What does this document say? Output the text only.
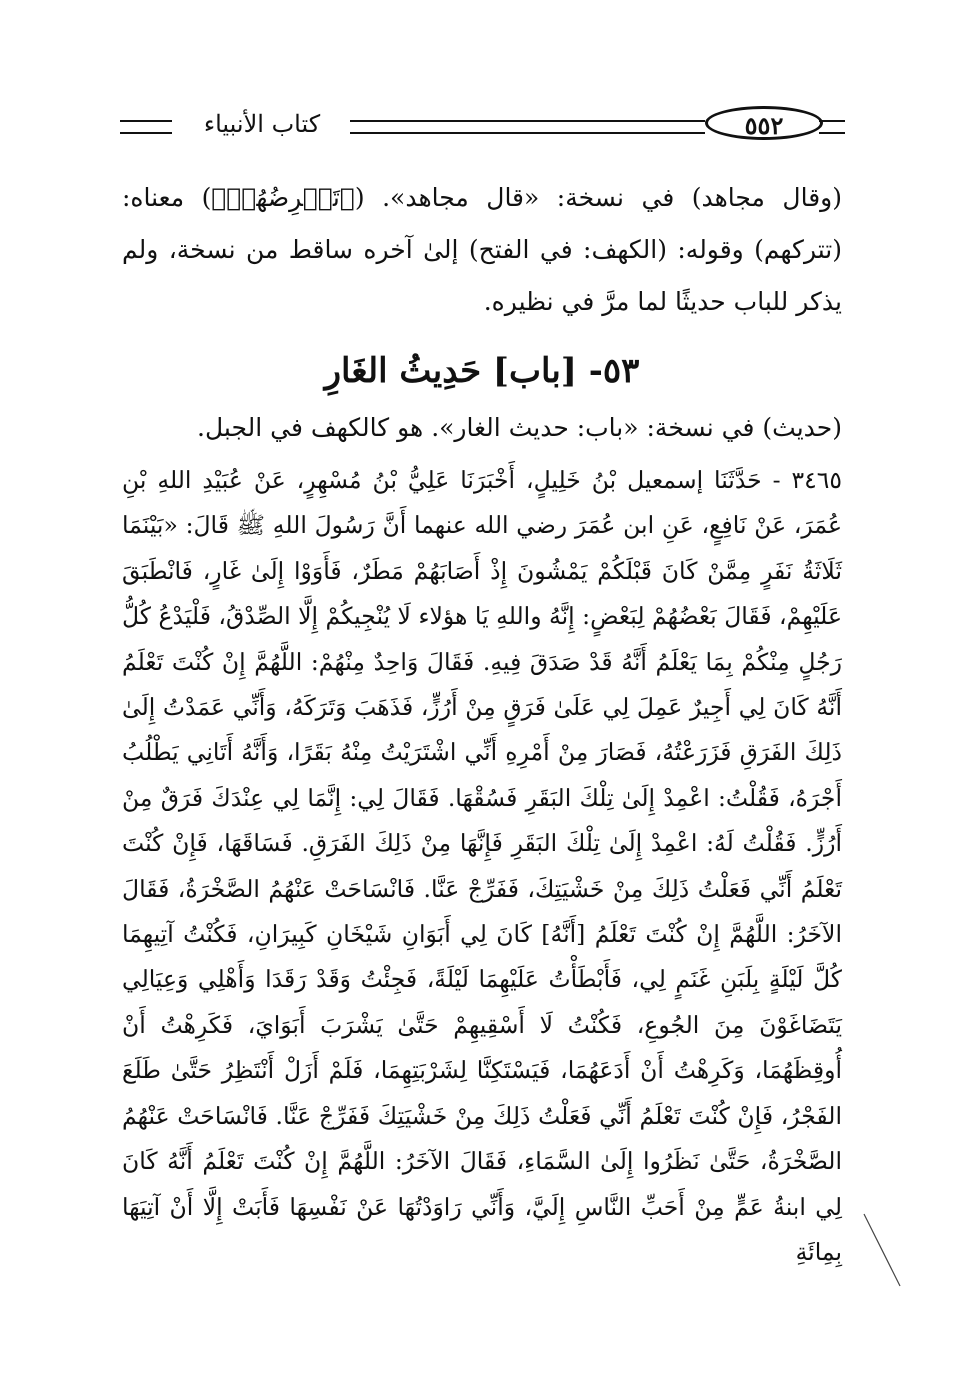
كتاب الأنبياء	٥٥٢

(وقال مجاهد) في نسخة: «قال مجاهد». (﴿تَقۡرِضُهُمۡ﴾) معناه: (تتركهم) وقوله: (الكهف: في الفتح) إلىٰ آخره ساقط من نسخة، ولم يذكر للباب حديثًا لما مرَّ في نظيره.

٥٣- [باب] حَدِيثُ الغَارِ

(حديث) في نسخة: «باب: حديث الغار». هو كالكهف في الجبل.

٣٤٦٥ - حَدَّثَنَا إسمعيل بْنُ خَلِيلٍ، أَخْبَرَنَا عَلِيُّ بْنُ مُسْهِرٍ، عَنْ عُبَيْدِ اللهِ بْنِ عُمَرَ، عَنْ نَافِعٍ، عَنِ ابن عُمَرَ رضي الله عنهما أَنَّ رَسُولَ اللهِ ﷺ قَالَ: «بَيْنَمَا ثَلَاثَةُ نَفَرٍ مِمَّنْ كَانَ قَبْلَكُمْ يَمْشُونَ إِذْ أَصَابَهُمْ مَطَرٌ، فَأَوَوْا إِلَىٰ غَارٍ، فَانْطَبَقَ عَلَيْهِمْ، فَقَالَ بَعْضُهُمْ لِبَعْضٍ: إِنَّهُ واللهِ يَا هؤلاء لَا يُنْجِيكُمْ إِلَّا الصِّدْقُ، فَلْيَدْعُ كُلُّ رَجُلٍ مِنْكُمْ بِمَا يَعْلَمُ أَنَّهُ قَدْ صَدَقَ فِيهِ. فَقَالَ وَاحِدٌ مِنْهُمْ: اللَّهُمَّ إِنْ كُنْتَ تَعْلَمُ أَنَّهُ كَانَ لِي أَجِيرٌ عَمِلَ لِي عَلَىٰ فَرَقٍ مِنْ أَرُزٍّ، فَذَهَبَ وَتَرَكَهُ، وَأَنِّي عَمَدْتُ إِلَىٰ ذَلِكَ الفَرَقِ فَزَرَعْتُهُ، فَصَارَ مِنْ أَمْرِهِ أَنِّي اشْتَرَيْتُ مِنْهُ بَقَرًا، وَأَنَّهُ أَتَانِي يَطْلُبُ أَجْرَهُ، فَقُلْتُ: اعْمِدْ إِلَىٰ تِلْكَ البَقَرِ فَسُقْهَا. فَقَالَ لِي: إِنَّمَا لِي عِنْدَكَ فَرَقٌ مِنْ أَرُزٍّ. فَقُلْتُ لَهُ: اعْمِدْ إِلَىٰ تِلْكَ البَقَرِ فَإِنَّهَا مِنْ ذَلِكَ الفَرَقِ. فَسَاقَهَا، فَإِنْ كُنْتَ تَعْلَمُ أَنِّي فَعَلْتُ ذَلِكَ مِنْ خَشْيَتِكَ، فَفَرِّجْ عَنَّا. فَانْسَاحَتْ عَنْهُمُ الصَّخْرَةُ، فَقَالَ الآخَرُ: اللَّهُمَّ إِنْ كُنْتَ تَعْلَمُ [أَنَّهُ] كَانَ لِي أَبَوَانِ شَيْخَانِ كَبِيرَانِ، فَكُنْتُ آتِيهِمَا كُلَّ لَيْلَةٍ بِلَبَنِ غَنَمٍ لِي، فَأَبْطَأْتُ عَلَيْهِمَا لَيْلَةً، فَجِئْتُ وَقَدْ رَقَدَا وَأَهْلِي وَعِيَالِي يَتَضَاغَوْنَ مِنَ الجُوعِ، فَكُنْتُ لَا أَسْقِيهِمْ حَتَّىٰ يَشْرَبَ أَبَوَايَ، فَكَرِهْتُ أَنْ أُوقِظَهُمَا، وَكَرِهْتُ أَنْ أَدَعَهُمَا، فَيَسْتَكِنَّا لِشَرْبَتِهِمَا، فَلَمْ أَزَلْ أَنْتَظِرُ حَتَّىٰ طَلَعَ الفَجْرُ، فَإِنْ كُنْتَ تَعْلَمُ أَنِّي فَعَلْتُ ذَلِكَ مِنْ خَشْيَتِكَ فَفَرِّجْ عَنَّا. فَانْسَاحَتْ عَنْهُمُ الصَّخْرَةُ، حَتَّىٰ نَظَرُوا إِلَىٰ السَّمَاءِ، فَقَالَ الآخَرُ: اللَّهُمَّ إِنْ كُنْتَ تَعْلَمُ أَنَّهُ كَانَ لِي ابنةُ عَمٍّ مِنْ أَحَبِّ النَّاسِ إِلَيَّ، وَأَنِّي رَاوَدْتُهَا عَنْ نَفْسِهَا فَأَبَتْ إِلَّا أَنْ آتِيَهَا بِمِائَةِ
